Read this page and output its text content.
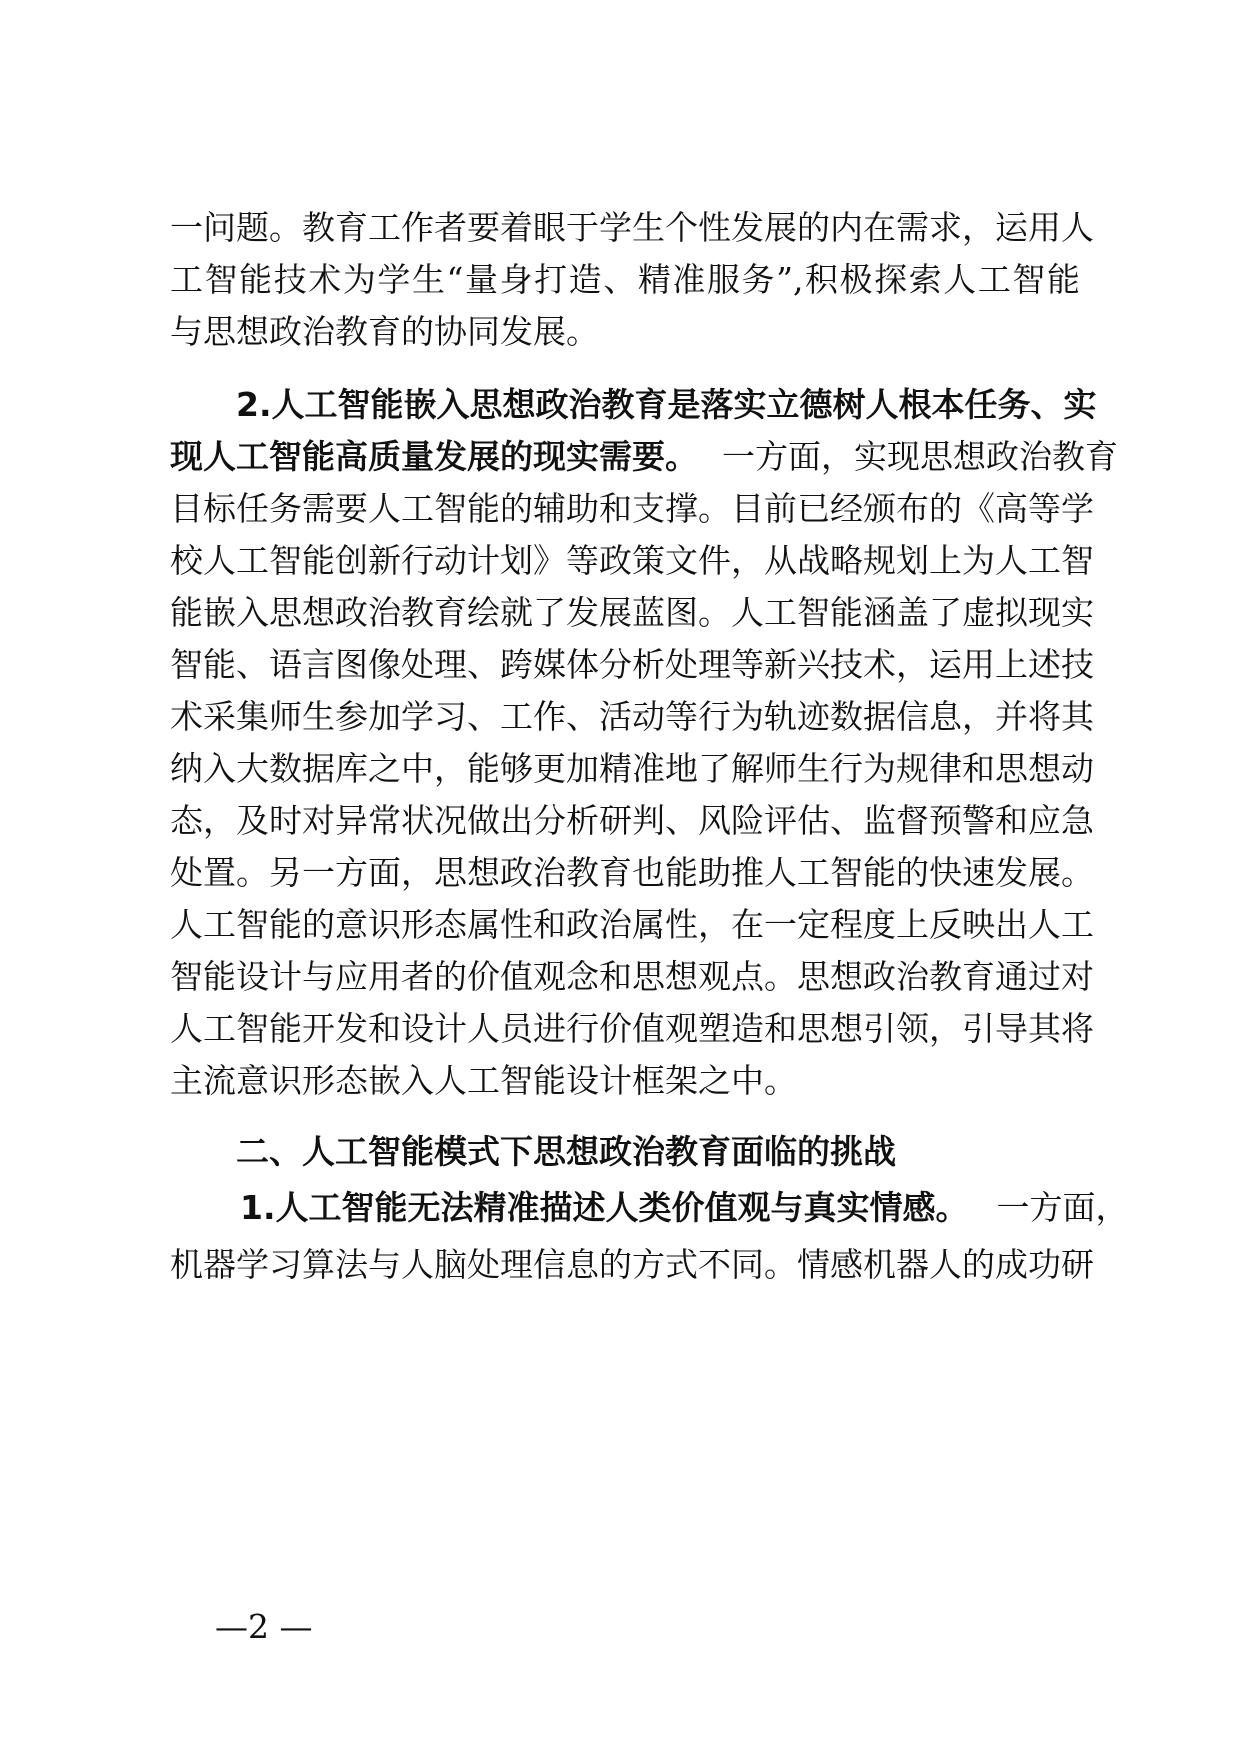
一问题。教育工作者要着眼于学生个性发展的内在需求，运用人
工智能技术为学生“量身打造、精准服务”,积极探索人工智能
与思想政治教育的协同发展。
2.人工智能嵌入思想政治教育是落实立德树人根本任务、实
现人工智能高质量发展的现实需要。 一方面，实现思想政治教育
目标任务需要人工智能的辅助和支撑。目前已经颁布的《高等学
校人工智能创新行动计划》等政策文件，从战略规划上为人工智
能嵌入思想政治教育绘就了发展蓝图。人工智能涵盖了虚拟现实
智能、语言图像处理、跨媒体分析处理等新兴技术，运用上述技
术采集师生参加学习、工作、活动等行为轨迹数据信息，并将其
纳入大数据库之中，能够更加精准地了解师生行为规律和思想动
态，及时对异常状况做出分析研判、风险评估、监督预警和应急
处置。另一方面，思想政治教育也能助推人工智能的快速发展。
人工智能的意识形态属性和政治属性，在一定程度上反映出人工
智能设计与应用者的价值观念和思想观点。思想政治教育通过对
人工智能开发和设计人员进行价值观塑造和思想引领，引导其将
主流意识形态嵌入人工智能设计框架之中。
二、人工智能模式下思想政治教育面临的挑战
1.人工智能无法精准描述人类价值观与真实情感。 一方面，
机器学习算法与人脑处理信息的方式不同。情感机器人的成功研
—2 —
